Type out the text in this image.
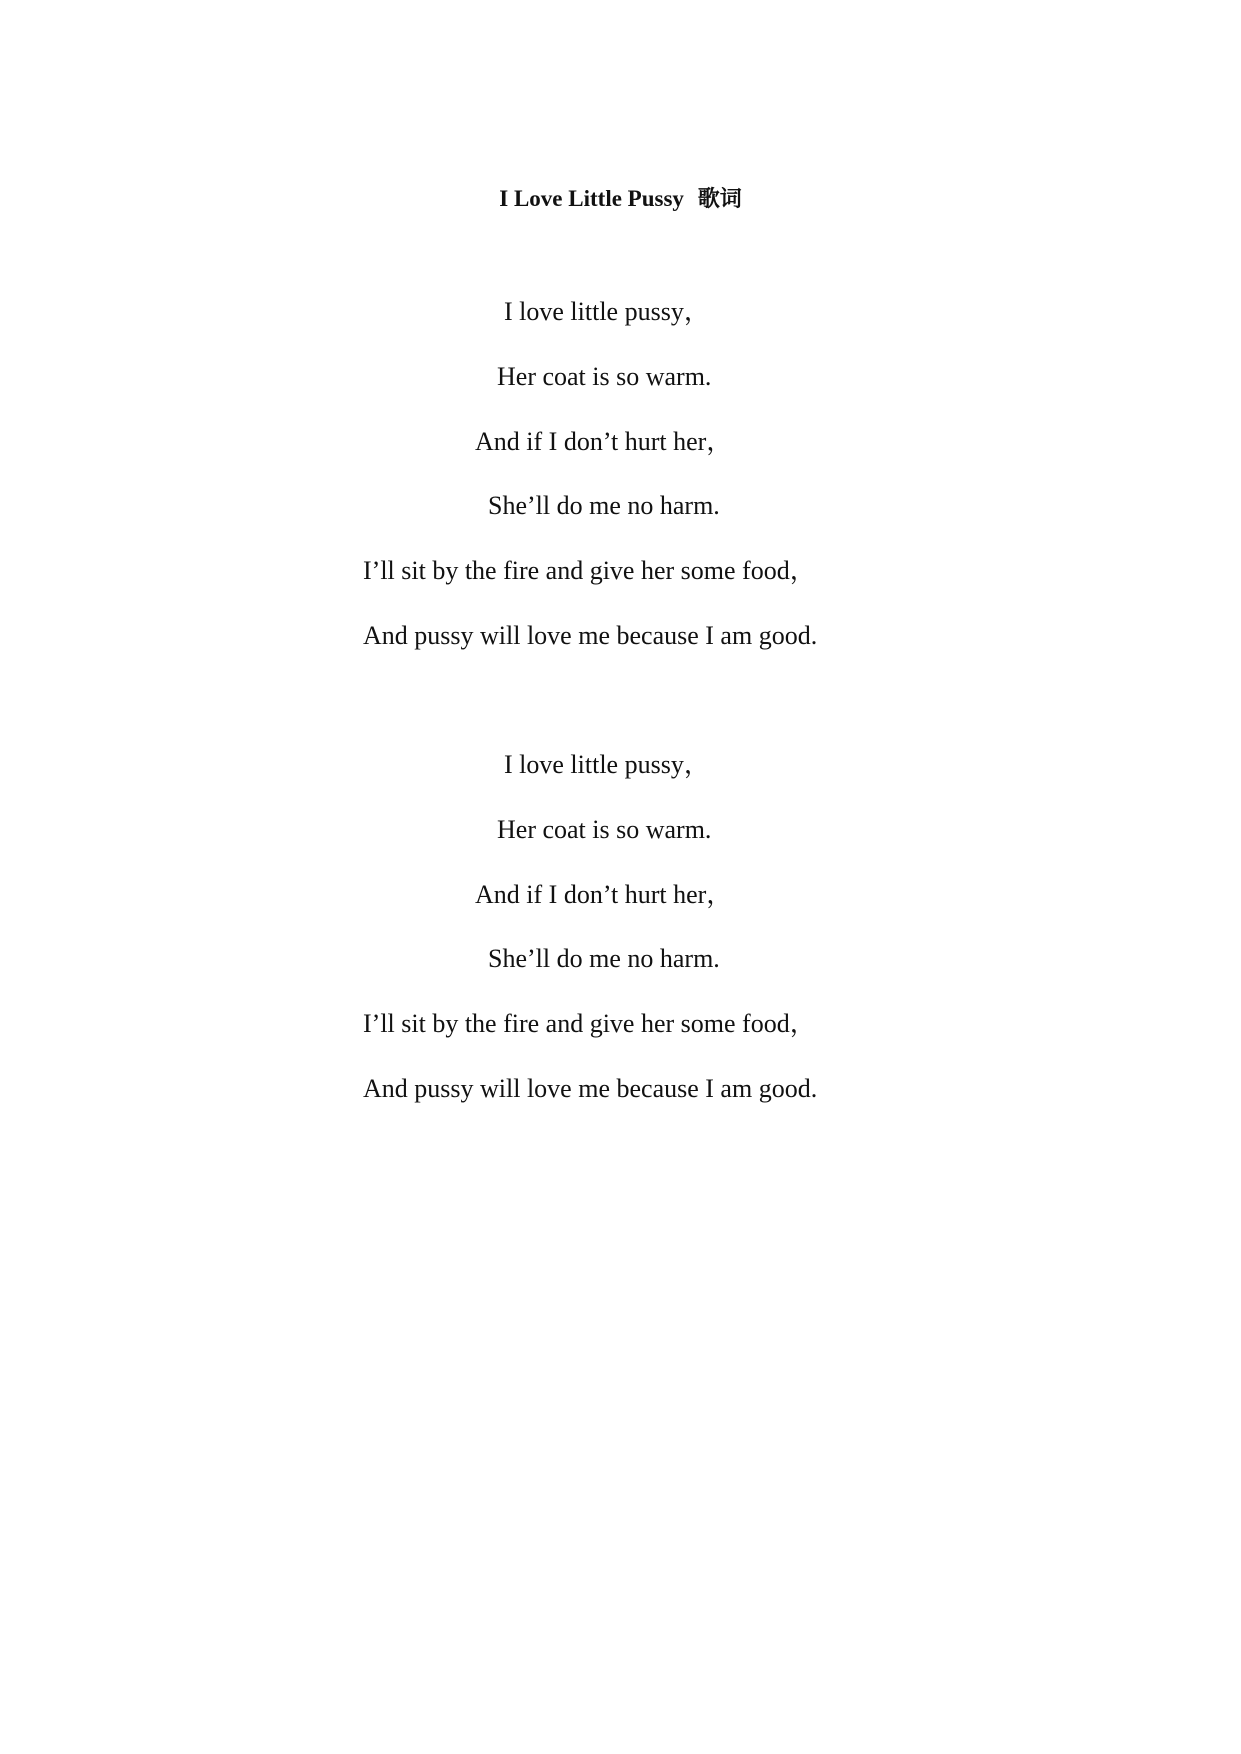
I Love Little Pussy 歌词
I love little pussy，
Her coat is so warm.
And if I don’t hurt her，
She’ll do me no harm.
I’ll sit by the fire and give her some food，
And pussy will love me because I am good.
I love little pussy，
Her coat is so warm.
And if I don’t hurt her，
She’ll do me no harm.
I’ll sit by the fire and give her some food，
And pussy will love me because I am good.
